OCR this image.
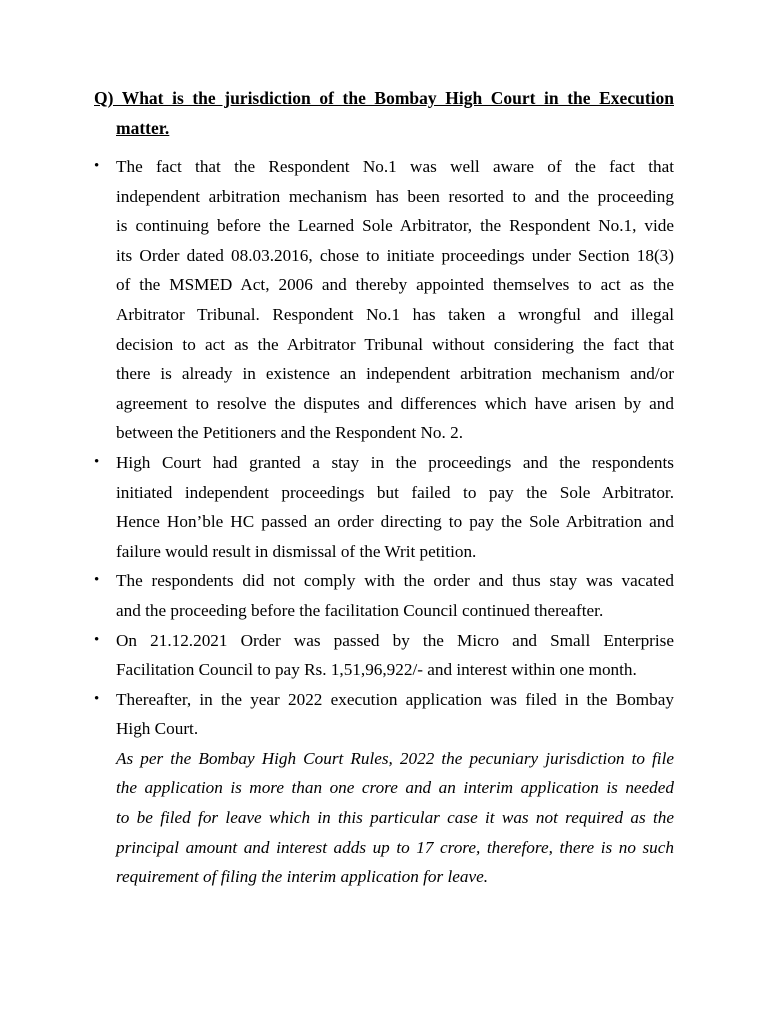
Q) What is the jurisdiction of the Bombay High Court in the Execution
matter.
• The fact that the Respondent No.1 was well aware of the fact that
independent arbitration mechanism has been resorted to and the proceeding
is continuing before the Learned Sole Arbitrator, the Respondent No.1, vide
its Order dated 08.03.2016, chose to initiate proceedings under Section 18(3)
of the MSMED Act, 2006 and thereby appointed themselves to act as the
Arbitrator Tribunal. Respondent No.1 has taken a wrongful and illegal
decision to act as the Arbitrator Tribunal without considering the fact that
there is already in existence an independent arbitration mechanism and/or
agreement to resolve the disputes and differences which have arisen by and
between the Petitioners and the Respondent No. 2.
• High Court had granted a stay in the proceedings and the respondents
initiated independent proceedings but failed to pay the Sole Arbitrator.
Hence Hon’ble HC passed an order directing to pay the Sole Arbitration and
failure would result in dismissal of the Writ petition.
• The respondents did not comply with the order and thus stay was vacated
and the proceeding before the facilitation Council continued thereafter.
• On 21.12.2021 Order was passed by the Micro and Small Enterprise
Facilitation Council to pay Rs. 1,51,96,922/- and interest within one month.
• Thereafter, in the year 2022 execution application was filed in the Bombay
High Court.
As per the Bombay High Court Rules, 2022 the pecuniary jurisdiction to file
the application is more than one crore and an interim application is needed
to be filed for leave which in this particular case it was not required as the
principal amount and interest adds up to 17 crore, therefore, there is no such
requirement of filing the interim application for leave.
